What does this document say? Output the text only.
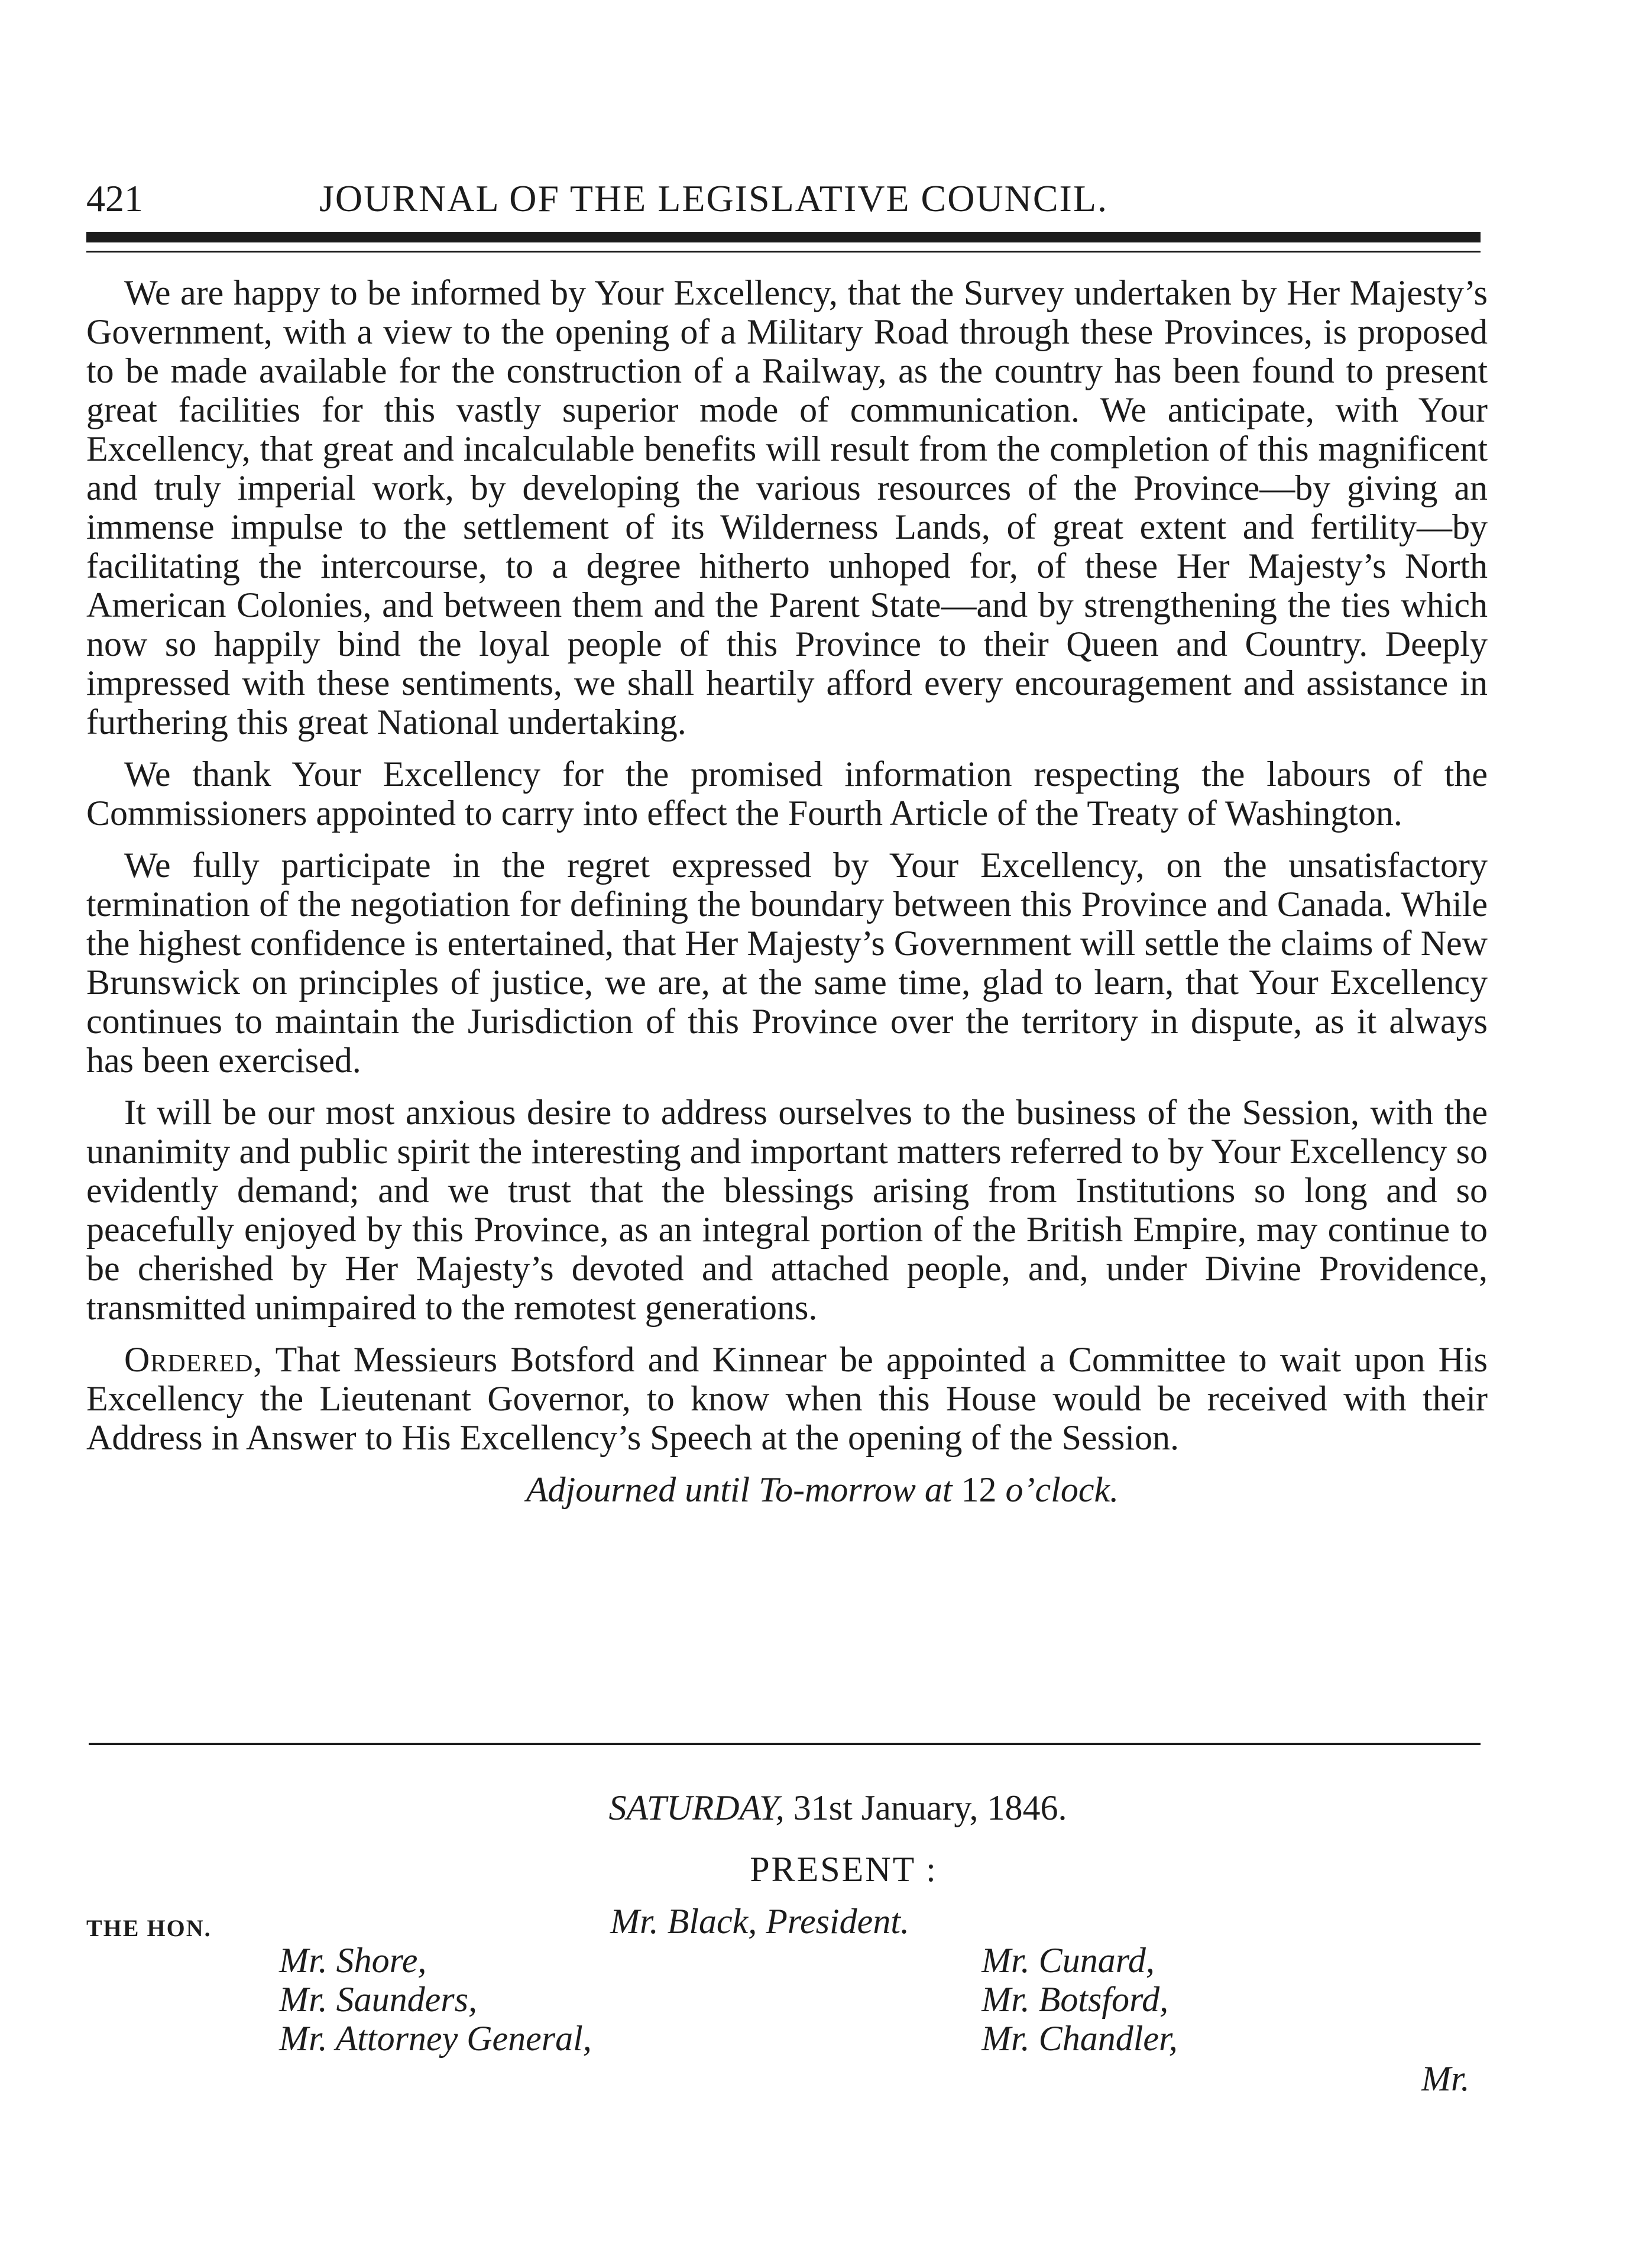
421	JOURNAL OF THE LEGISLATIVE COUNCIL.

We are happy to be informed by Your Excellency, that the Survey undertaken by Her Majesty’s Government, with a view to the opening of a Military Road through these Provinces, is proposed to be made available for the construction of a Railway, as the country has been found to present great facilities for this vastly superior mode of communication. We anticipate, with Your Excellency, that great and incalculable benefits will result from the completion of this magnificent and truly imperial work, by developing the various resources of the Province—by giving an immense impulse to the settlement of its Wilderness Lands, of great extent and fertility—by facilitating the intercourse, to a degree hitherto unhoped for, of these Her Majesty’s North American Colonies, and between them and the Parent State—and by strengthening the ties which now so happily bind the loyal people of this Province to their Queen and Country. Deeply impressed with these sentiments, we shall heartily afford every encouragement and assistance in furthering this great National undertaking.

We thank Your Excellency for the promised information respecting the labours of the Commissioners appointed to carry into effect the Fourth Article of the Treaty of Washington.

We fully participate in the regret expressed by Your Excellency, on the unsatisfactory termination of the negotiation for defining the boundary between this Province and Canada. While the highest confidence is entertained, that Her Majesty’s Government will settle the claims of New Brunswick on principles of justice, we are, at the same time, glad to learn, that Your Excellency continues to maintain the Jurisdiction of this Province over the territory in dispute, as it always has been exercised.

It will be our most anxious desire to address ourselves to the business of the Session, with the unanimity and public spirit the interesting and important matters referred to by Your Excellency so evidently demand; and we trust that the blessings arising from Institutions so long and so peacefully enjoyed by this Province, as an integral portion of the British Empire, may continue to be cherished by Her Majesty’s devoted and attached people, and, under Divine Providence, transmitted unimpaired to the remotest generations.

Ordered, That Messieurs Botsford and Kinnear be appointed a Committee to wait upon His Excellency the Lieutenant Governor, to know when this House would be received with their Address in Answer to His Excellency’s Speech at the opening of the Session.

Adjourned until To-morrow at 12 o’clock.

SATURDAY, 31st January, 1846.
PRESENT :
THE HON.	Mr. Black, President.
Mr. Shore,
Mr. Saunders,
Mr. Attorney General,
Mr. Cunard,
Mr. Botsford,
Mr. Chandler,
Mr.
